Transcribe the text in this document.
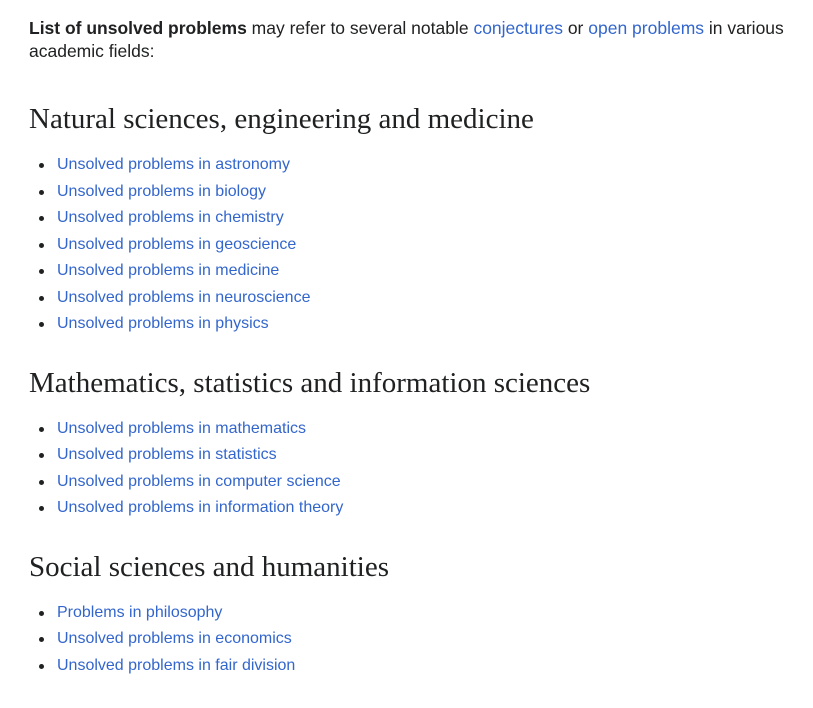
List of unsolved problems may refer to several notable conjectures or open problems in various academic fields:

Natural sciences, engineering and medicine
Unsolved problems in astronomy
Unsolved problems in biology
Unsolved problems in chemistry
Unsolved problems in geoscience
Unsolved problems in medicine
Unsolved problems in neuroscience
Unsolved problems in physics
Mathematics, statistics and information sciences
Unsolved problems in mathematics
Unsolved problems in statistics
Unsolved problems in computer science
Unsolved problems in information theory
Social sciences and humanities
Problems in philosophy
Unsolved problems in economics
Unsolved problems in fair division
